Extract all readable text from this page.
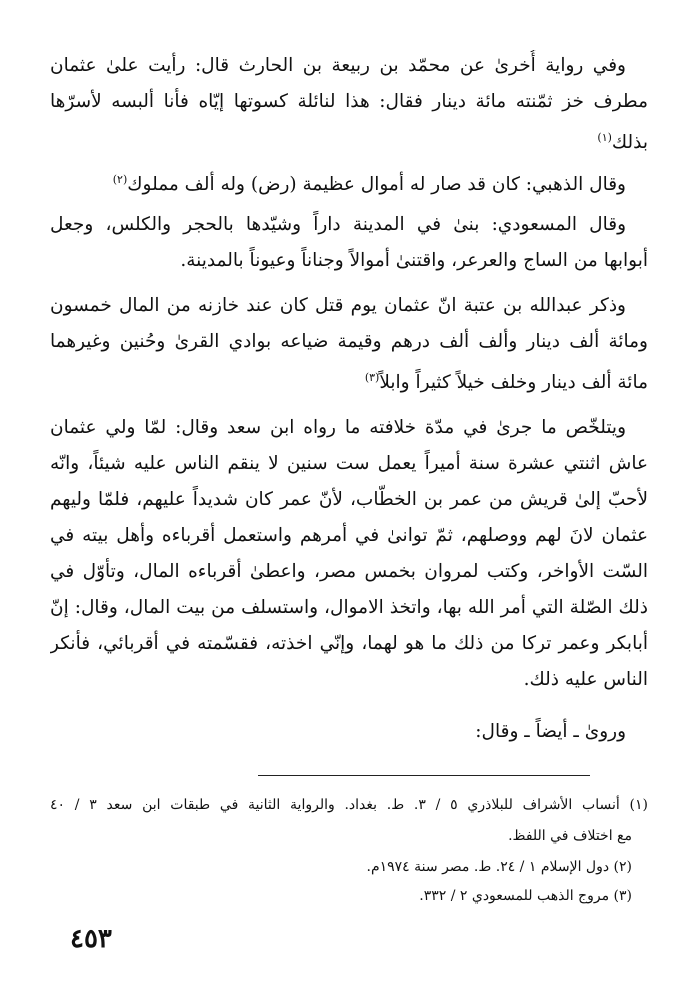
وفي رواية أُخرىٰ عن محمّد بن ربيعة بن الحارث قال: رأيت علىٰ عثمان
مطرف خز ثمّنته مائة دينار فقال: هذا لنائلة كسوتها إيّاه فأنا ألبسه لأسرّها
بذلك$^{(١)}$
وقال الذهبي: كان قد صار له أموال عظيمة (رض) وله ألف مملوك$^{(٢)}$
وقال المسعودي: بنىٰ في المدينة داراً وشيّدها بالحجر والكلس، وجعل
أبوابها من الساج والعرعر، واقتنىٰ أموالاً وجناناً وعيوناً بالمدينة.
وذكر عبدالله بن عتبة انّ عثمان يوم قتل كان عند خازنه من المال خمسون
ومائة ألف دينار وألف ألف درهم وقيمة ضياعه بوادي القرىٰ وحُنين وغيرهما
مائة ألف دينار وخلف خيلاً كثيراً وابلاً$^{(٣)}$
ويتلخّص ما جرىٰ في مدّة خلافته ما رواه ابن سعد وقال: لمّا ولي عثمان
عاش اثنتي عشرة سنة أميراً يعمل ست سنين لا ينقم الناس عليه شيئاً، وانّه
لأحبّ إلىٰ قريش من عمر بن الخطّاب، لأنّ عمر كان شديداً عليهم، فلمّا وليهم
عثمان لانَ لهم ووصلهم، ثمّ توانىٰ في أمرهم واستعمل أقرباءه وأهل بيته في
السّت الأواخر، وكتب لمروان بخمس مصر، واعطىٰ أقرباءه المال، وتأوّل في
ذلك الصّلة التي أمر الله بها، واتخذ الاموال، واستسلف من بيت المال، وقال: إنّ
أبابكر وعمر تركا من ذلك ما هو لهما، وإنّي اخذته، فقسّمته في أقربائي، فأنكر
الناس عليه ذلك.
ورویٰ ـ أيضاً ـ وقال:
(١) أنساب الأشراف للبلاذري ٥ / ٣. ط. بغداد. والرواية الثانية في طبقات ابن سعد ٣ / ٤٠
مع اختلاف في اللفظ.
(٢) دول الإسلام ١ / ٢٤. ط. مصر سنة ١٩٧٤م.
(٣) مروج الذهب للمسعودي ٢ / ٣٣٢.
٤٥٣
